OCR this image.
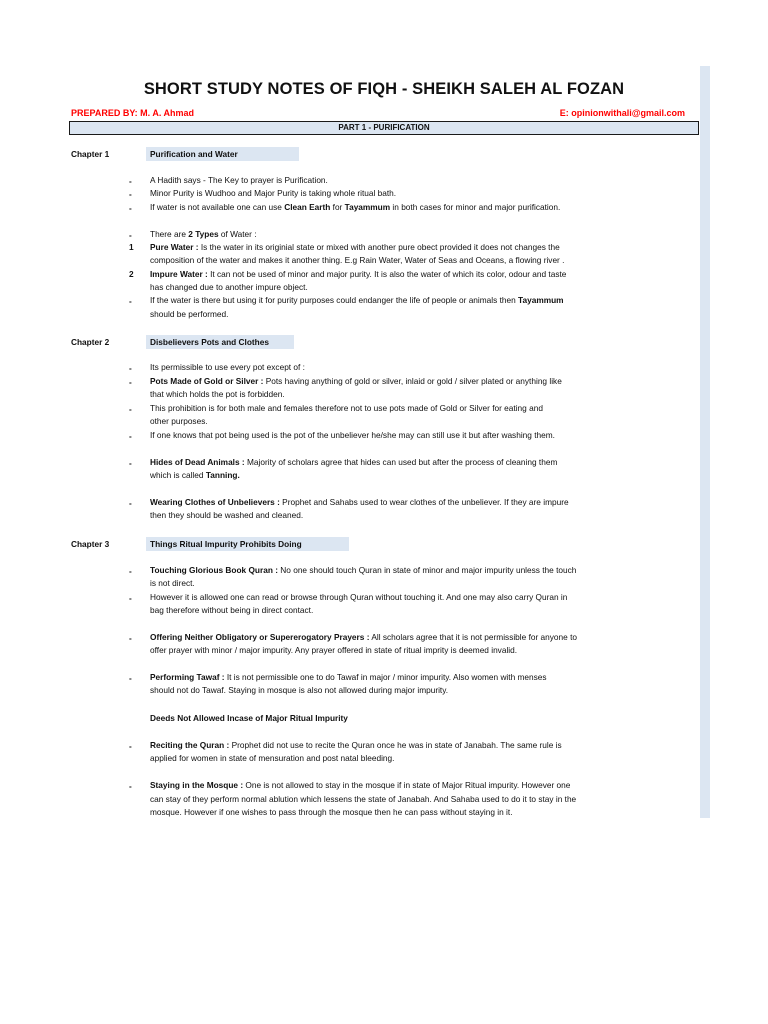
SHORT STUDY NOTES OF FIQH - SHEIKH SALEH AL FOZAN
PREPARED BY: M. A. Ahmad	E: opinionwithali@gmail.com
PART 1 - PURIFICATION
Chapter 1	Purification and Water
- A Hadith says - The Key to prayer is Purification.
- Minor Purity is Wudhoo and Major Purity is taking whole ritual bath.
- If water is not available one can use Clean Earth for Tayammum in both cases for minor and major purification.
- There are 2 Types of Water :
1 Pure Water : Is the water in its originial state or mixed with another pure obect provided it does not changes the
composition of the water and makes it another thing. E.g Rain Water, Water of Seas and Oceans, a flowing river .
2 Impure Water : It can not be used of minor and major purity. It is also the water of which its color, odour and taste
has changed due to another impure object.
- If the water is there but using it for purity purposes could endanger the life of people or animals then Tayammum
should be performed.
Chapter 2	Disbelievers Pots and Clothes
- Its permissible to use every pot except of :
- Pots Made of Gold or Silver : Pots having anything of gold or silver, inlaid or gold / silver plated or anything like
that which holds the pot is forbidden.
- This prohibition is for both male and females therefore not to use pots made of Gold or Silver for eating and
other purposes.
- If one knows that pot being used is the pot of the unbeliever he/she may can still use it but after washing them.
- Hides of Dead Animals : Majority of scholars agree that hides can used but after the process of cleaning them
which is called Tanning.
- Wearing Clothes of Unbelievers : Prophet and Sahabs used to wear clothes of the unbeliever. If they are impure
then they should be washed and cleaned.
Chapter 3	Things Ritual Impurity Prohibits Doing
- Touching Glorious Book Quran : No one should touch Quran in state of minor and major impurity unless the touch
is not direct.
- However it is allowed one can read or browse through Quran without touching it. And one may also carry Quran in
bag therefore without being in direct contact.
- Offering Neither Obligatory or Supererogatory Prayers : All scholars agree that it is not permissible for anyone to
offer prayer with minor / major impurity. Any prayer offered in state of ritual imprity is deemed invalid.
- Performing Tawaf : It is not permissible one to do Tawaf in major / minor impurity. Also women with menses
should not do Tawaf. Staying in mosque is also not allowed during major impurity.
Deeds Not Allowed Incase of Major Ritual Impurity
- Reciting the Quran : Prophet did not use to recite the Quran once he was in state of Janabah. The same rule is
applied for women in state of mensuration and post natal bleeding.
- Staying in the Mosque : One is not allowed to stay in the mosque if in state of Major Ritual impurity. However one
can stay of they perform normal ablution which lessens the state of Janabah. And Sahaba used to do it to stay in the
mosque. However if one wishes to pass through the mosque then he can pass without staying in it.
